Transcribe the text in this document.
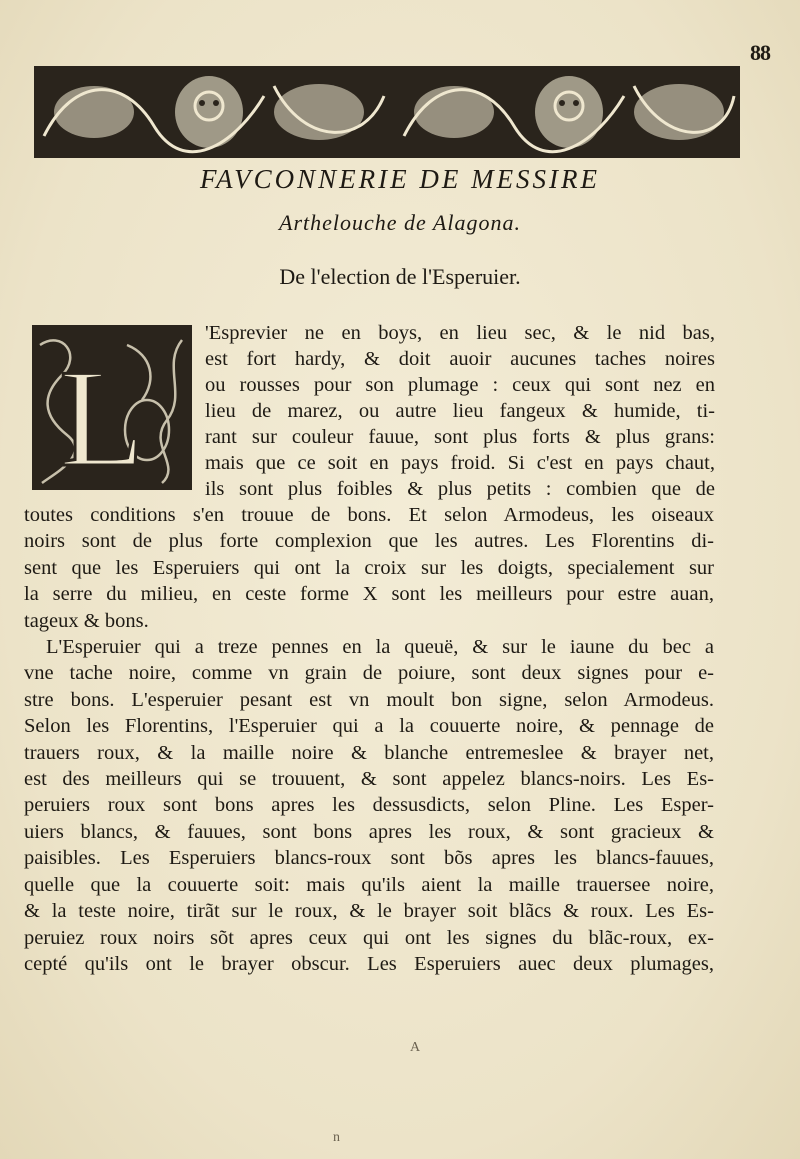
88
FAVCONNERIE DE MESSIRE
Arthelouche de Alagona.
De l'election de l'Esperuier.
L
'Esprevier ne en boys, en lieu sec, & le nid bas,
est fort hardy, & doit auoir aucunes taches noires
ou rousses pour son plumage : ceux qui sont nez en
lieu de marez, ou autre lieu fangeux & humide, ti-
rant sur couleur fauue, sont plus forts & plus grans:
mais que ce soit en pays froid. Si c'est en pays chaut,
ils sont plus foibles & plus petits : combien que de
toutes conditions s'en trouue de bons. Et selon Armodeus, les oiseaux
noirs sont de plus forte complexion que les autres. Les Florentins di-
sent que les Esperuiers qui ont la croix sur les doigts, specialement sur
la serre du milieu, en ceste forme X sont les meilleurs pour estre auan,
tageux & bons.
L'Esperuier qui a treze pennes en la queuë, & sur le iaune du bec a
vne tache noire, comme vn grain de poiure, sont deux signes pour e-
stre bons. L'esperuier pesant est vn moult bon signe, selon Armodeus.
Selon les Florentins, l'Esperuier qui a la couuerte noire, & pennage de
trauers roux, & la maille noire & blanche entremeslee & brayer net,
est des meilleurs qui se trouuent, & sont appelez blancs-noirs. Les Es-
peruiers roux sont bons apres les dessusdicts, selon Pline. Les Esper-
uiers blancs, & fauues, sont bons apres les roux, & sont gracieux &
paisibles. Les Esperuiers blancs-roux sont bõs apres les blancs-fauues,
quelle que la couuerte soit: mais qu'ils aient la maille trauersee noire,
& la teste noire, tirãt sur le roux, & le brayer soit blãcs & roux. Les Es-
peruiez roux noirs sõt apres ceux qui ont les signes du blãc-roux, ex-
cepté qu'ils ont le brayer obscur. Les Esperuiers auec deux plumages,
A
n
